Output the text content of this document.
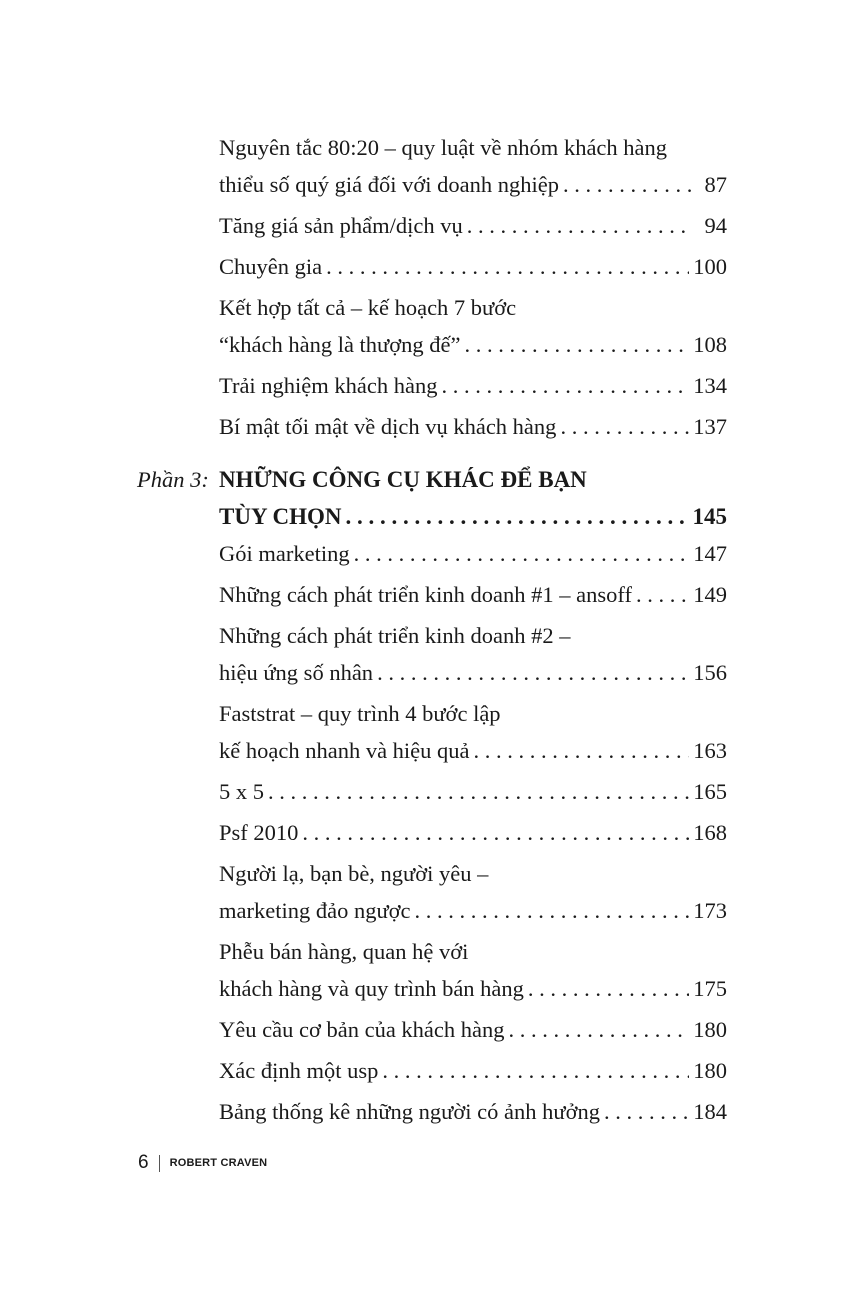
Nguyên tắc 80:20 – quy luật về nhóm khách hàng
thiểu số quý giá đối với doanh nghiệp . . .	87
Tăng giá sản phẩm/dịch vụ . . .	94
Chuyên gia . . .	100
Kết hợp tất cả – kế hoạch 7 bước
“khách hàng là thượng đế” . . .	108
Trải nghiệm khách hàng . . .	134
Bí mật tối mật về dịch vụ khách hàng . . .	137
Phần 3: NHỮNG CÔNG CỤ KHÁC ĐỂ BẠN
TÙY CHỌN . . .	145
Gói marketing . . .	147
Những cách phát triển kinh doanh #1 – ansoff . . .	149
Những cách phát triển kinh doanh #2 –
hiệu ứng số nhân . . .	156
Faststrat – quy trình 4 bước lập
kế hoạch nhanh và hiệu quả . . .	163
5 x 5 . . .	165
Psf 2010 . . .	168
Người lạ, bạn bè, người yêu –
marketing đảo ngược . . .	173
Phễu bán hàng, quan hệ với
khách hàng và quy trình bán hàng . . .	175
Yêu cầu cơ bản của khách hàng . . .	180
Xác định một usp . . .	180
Bảng thống kê những người có ảnh hưởng . . .	184
6 ROBERT CRAVEN
